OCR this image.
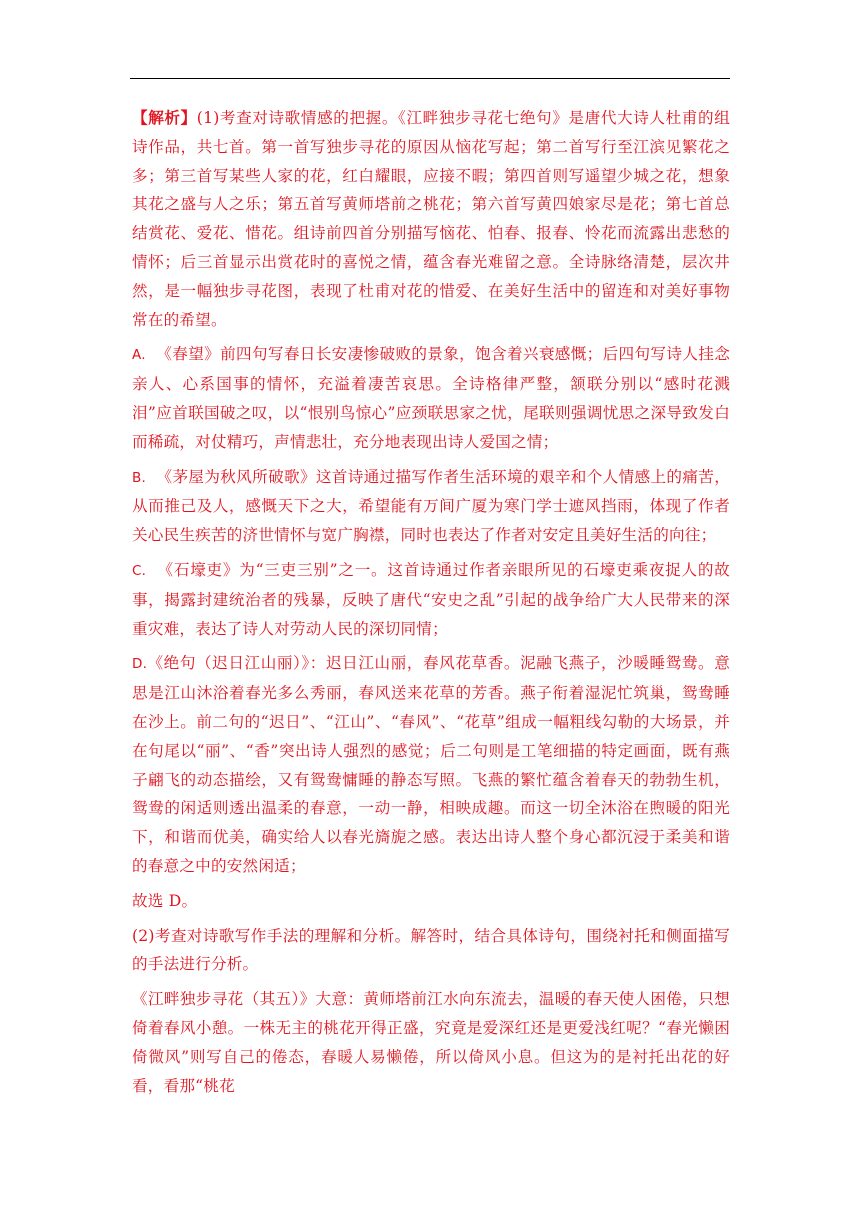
【解析】(1)考查对诗歌情感的把握。《江畔独步寻花七绝句》是唐代大诗人杜甫的组诗作品，共七首。第一首写独步寻花的原因从恼花写起；第二首写行至江滨见繁花之多；第三首写某些人家的花，红白耀眼，应接不暇；第四首则写遥望少城之花，想象其花之盛与人之乐；第五首写黄师塔前之桃花；第六首写黄四娘家尽是花；第七首总结赏花、爱花、惜花。组诗前四首分别描写恼花、怕春、报春、怜花而流露出悲愁的情怀；后三首显示出赏花时的喜悦之情，蕴含春光难留之意。全诗脉络清楚，层次井然，是一幅独步寻花图，表现了杜甫对花的惜爱、在美好生活中的留连和对美好事物常在的希望。

A. 《春望》前四句写春日长安凄惨破败的景象，饱含着兴衰感慨；后四句写诗人挂念亲人、心系国事的情怀，充溢着凄苦哀思。全诗格律严整，颔联分别以“感时花溅泪”应首联国破之叹，以“恨别鸟惊心”应颈联思家之忧，尾联则强调忧思之深导致发白而稀疏，对仗精巧，声情悲壮，充分地表现出诗人爱国之情；

B. 《茅屋为秋风所破歌》这首诗通过描写作者生活环境的艰辛和个人情感上的痛苦，从而推己及人，感慨天下之大，希望能有万间广厦为寒门学士遮风挡雨，体现了作者关心民生疾苦的济世情怀与宽广胸襟，同时也表达了作者对安定且美好生活的向往；

C. 《石壕吏》为“三吏三别”之一。这首诗通过作者亲眼所见的石壕吏乘夜捉人的故事，揭露封建统治者的残暴，反映了唐代“安史之乱”引起的战争给广大人民带来的深重灾难，表达了诗人对劳动人民的深切同情；

D.《绝句（迟日江山丽）》：迟日江山丽，春风花草香。泥融飞燕子，沙暖睡鸳鸯。意思是江山沐浴着春光多么秀丽，春风送来花草的芳香。燕子衔着湿泥忙筑巢，鸳鸯睡在沙上。前二句的“迟日”、“江山”、“春风”、“花草”组成一幅粗线勾勒的大场景，并在句尾以“丽”、“香”突出诗人强烈的感觉；后二句则是工笔细描的特定画面，既有燕子翩飞的动态描绘，又有鸳鸯慵睡的静态写照。飞燕的繁忙蕴含着春天的勃勃生机，鸳鸯的闲适则透出温柔的春意，一动一静，相映成趣。而这一切全沐浴在煦暖的阳光下，和谐而优美，确实给人以春光旖旎之感。表达出诗人整个身心都沉浸于柔美和谐的春意之中的安然闲适；

故选 D。

(2)考查对诗歌写作手法的理解和分析。解答时，结合具体诗句，围绕衬托和侧面描写的手法进行分析。

《江畔独步寻花（其五）》大意：黄师塔前江水向东流去，温暖的春天使人困倦，只想倚着春风小憩。一株无主的桃花开得正盛，究竟是爱深红还是更爱浅红呢？“春光懒困倚微风”则写自己的倦态，春暖人易懒倦，所以倚风小息。但这为的是衬托出花的好看，看那“桃花
